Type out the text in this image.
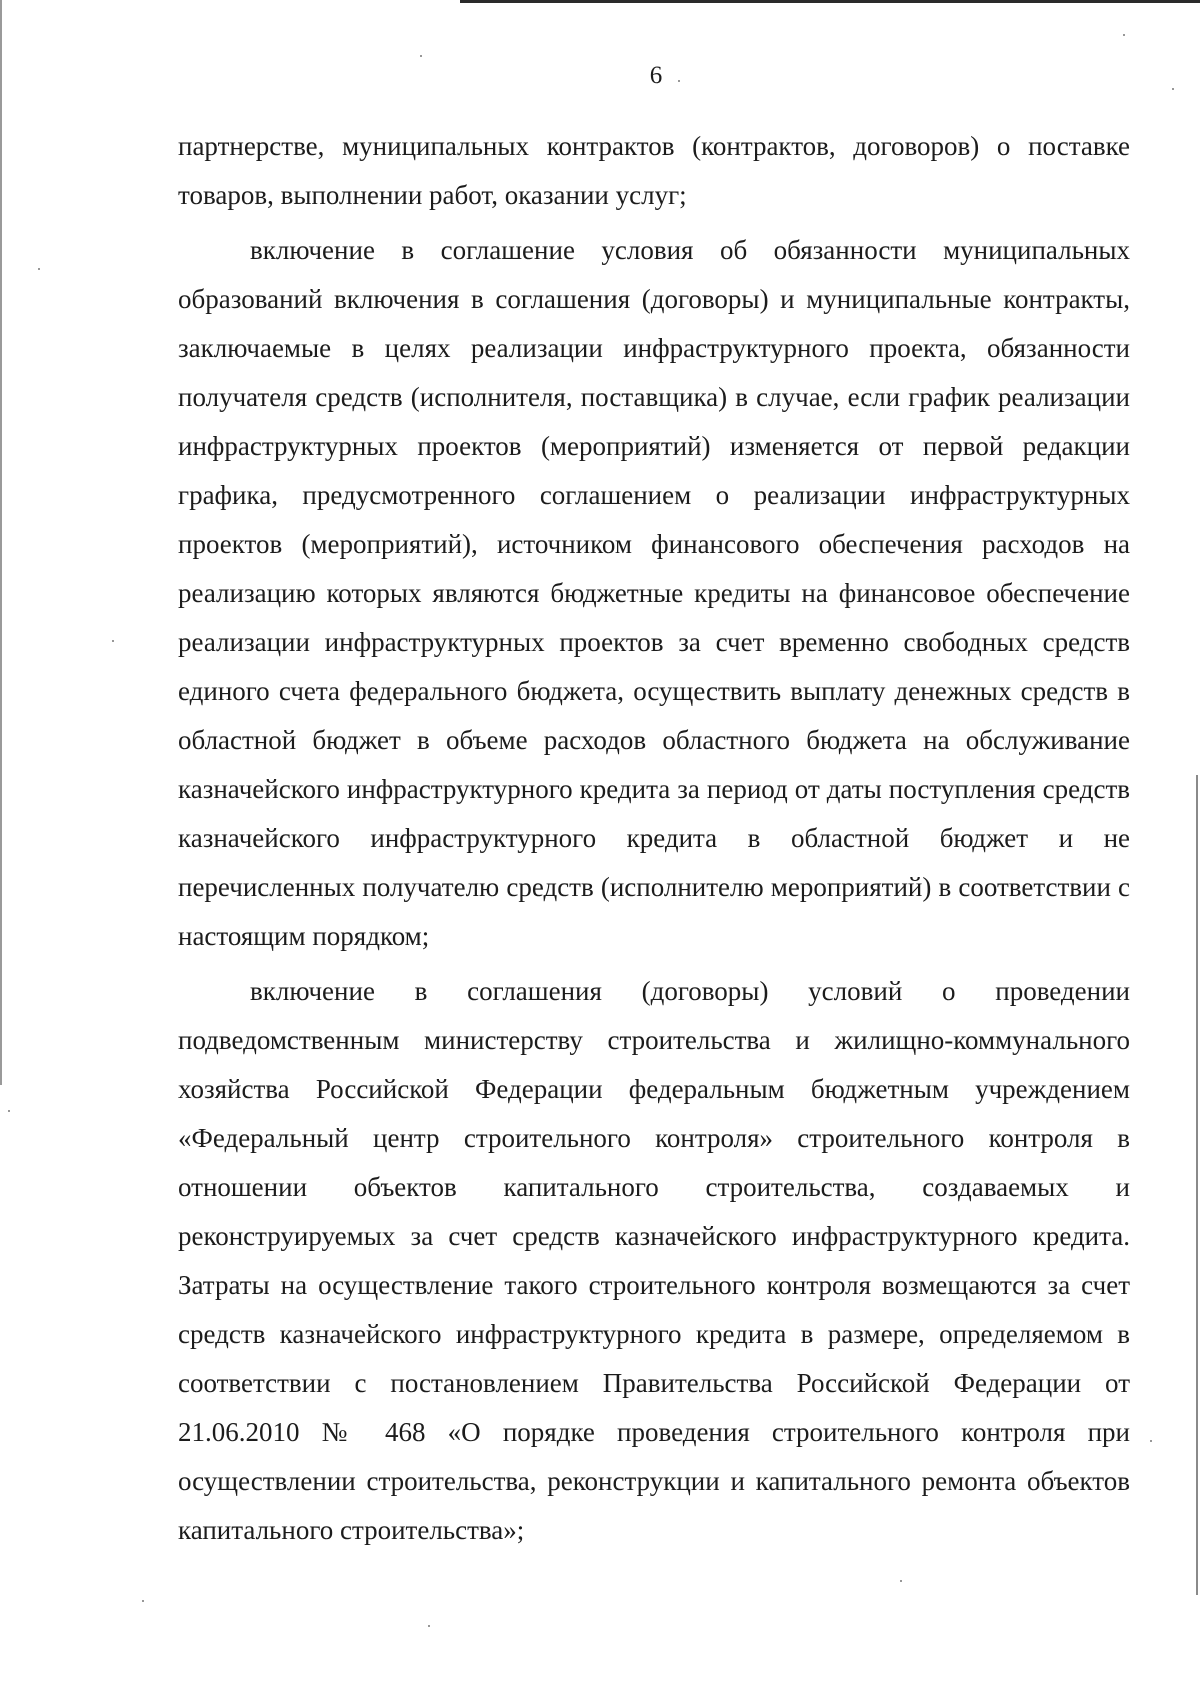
6

партнерстве, муниципальных контрактов (контрактов, договоров) о поставке товаров, выполнении работ, оказании услуг;

включение в соглашение условия об обязанности муниципальных образований включения в соглашения (договоры) и муниципальные контракты, заключаемые в целях реализации инфраструктурного проекта, обязанности получателя средств (исполнителя, поставщика) в случае, если график реализации инфраструктурных проектов (мероприятий) изменяется от первой редакции графика, предусмотренного соглашением о реализации инфраструктурных проектов (мероприятий), источником финансового обеспечения расходов на реализацию которых являются бюджетные кредиты на финансовое обеспечение реализации инфраструктурных проектов за счет временно свободных средств единого счета федерального бюджета, осуществить выплату денежных средств в областной бюджет в объеме расходов областного бюджета на обслуживание казначейского инфраструктурного кредита за период от даты поступления средств казначейского инфраструктурного кредита в областной бюджет и не перечисленных получателю средств (исполнителю мероприятий) в соответствии с настоящим порядком;

включение в соглашения (договоры) условий о проведении подведомственным министерству строительства и жилищно-коммунального хозяйства Российской Федерации федеральным бюджетным учреждением «Федеральный центр строительного контроля» строительного контроля в отношении объектов капитального строительства, создаваемых и реконструируемых за счет средств казначейского инфраструктурного кредита. Затраты на осуществление такого строительного контроля возмещаются за счет средств казначейского инфраструктурного кредита в размере, определяемом в соответствии с постановлением Правительства Российской Федерации от 21.06.2010 № 468 «О порядке проведения строительного контроля при осуществлении строительства, реконструкции и капитального ремонта объектов капитального строительства»;
